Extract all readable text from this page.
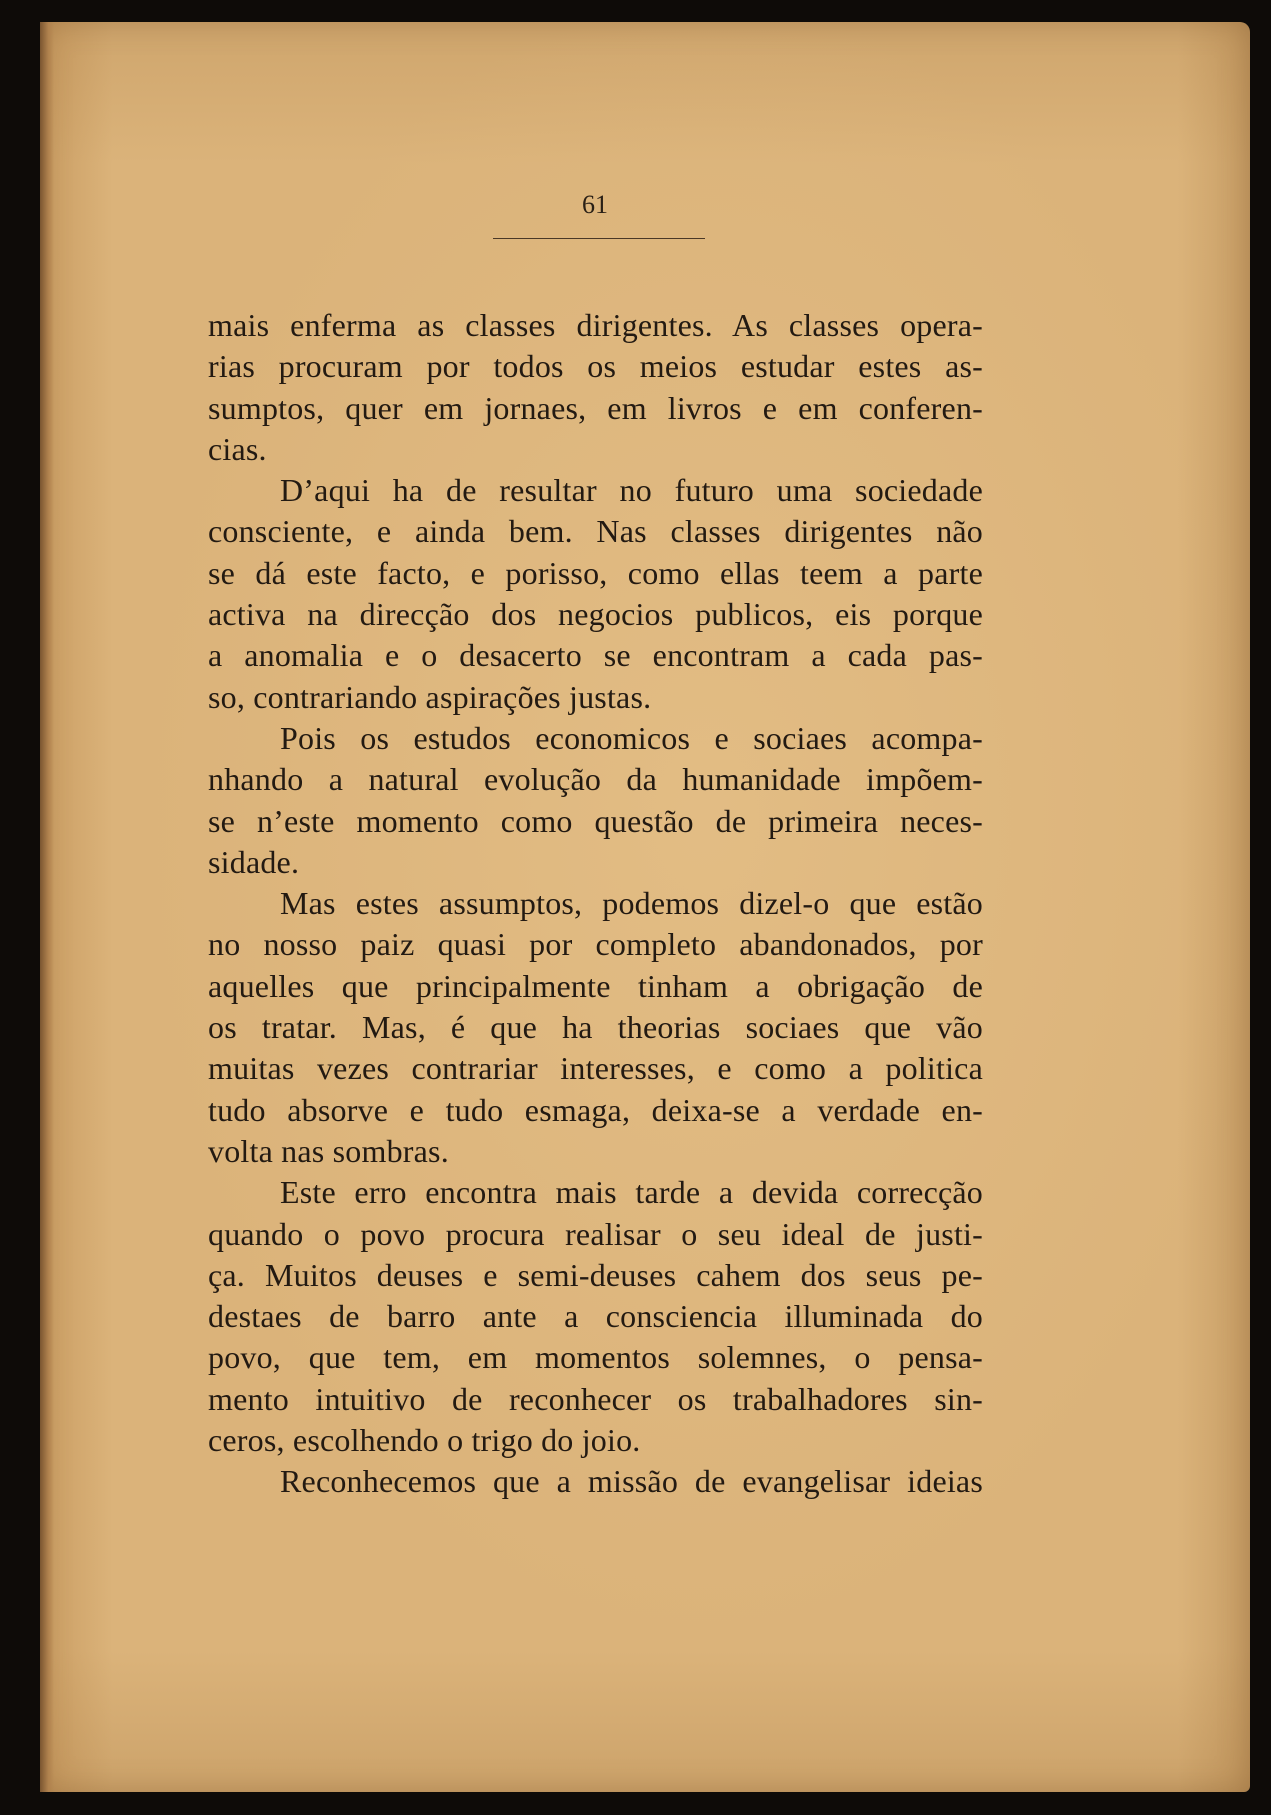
61
mais enferma as classes dirigentes. As classes opera-
rias procuram por todos os meios estudar estes as-
sumptos, quer em jornaes, em livros e em conferen-
cias.
D’aqui ha de resultar no futuro uma sociedade
consciente, e ainda bem. Nas classes dirigentes não
se dá este facto, e porisso, como ellas teem a parte
activa na direcção dos negocios publicos, eis porque
a anomalia e o desacerto se encontram a cada pas-
so, contrariando aspirações justas.
Pois os estudos economicos e sociaes acompa-
nhando a natural evolução da humanidade impõem-
se n’este momento como questão de primeira neces-
sidade.
Mas estes assumptos, podemos dizel-o que estão
no nosso paiz quasi por completo abandonados, por
aquelles que principalmente tinham a obrigação de
os tratar. Mas, é que ha theorias sociaes que vão
muitas vezes contrariar interesses, e como a politica
tudo absorve e tudo esmaga, deixa-se a verdade en-
volta nas sombras.
Este erro encontra mais tarde a devida correcção
quando o povo procura realisar o seu ideal de justi-
ça. Muitos deuses e semi-deuses cahem dos seus pe-
destaes de barro ante a consciencia illuminada do
povo, que tem, em momentos solemnes, o pensa-
mento intuitivo de reconhecer os trabalhadores sin-
ceros, escolhendo o trigo do joio.
Reconhecemos que a missão de evangelisar ideias
